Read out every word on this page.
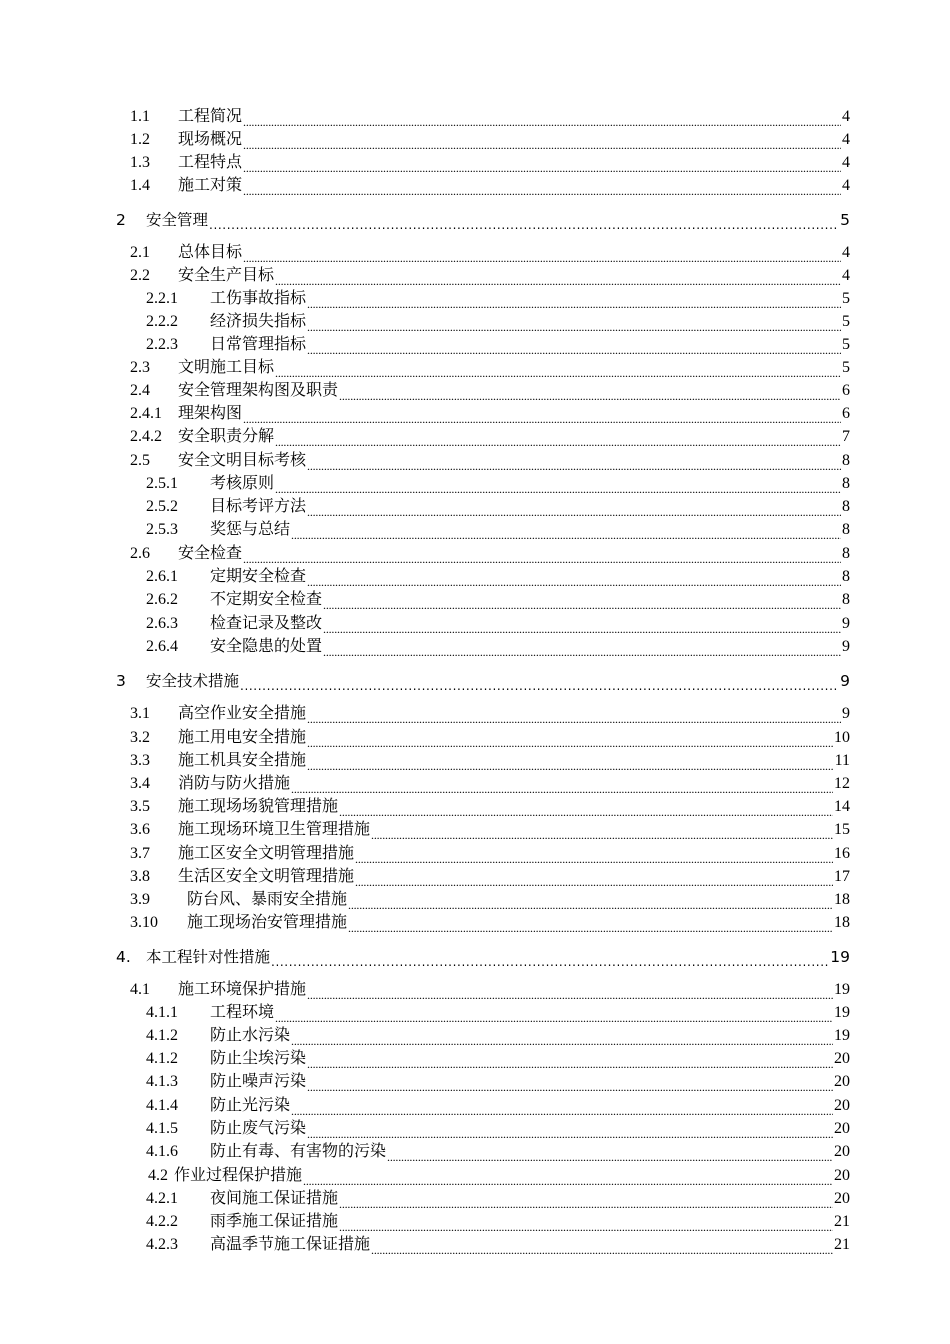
1.1	工程简况 . . .	4
1.2	现场概况 . . .	4
1.3	工程特点 . . .	4
1.4	施工对策 . . .	4
2	安全管理 . . .	5
2.1	总体目标 . . .	4
2.2	安全生产目标 . . .	4
2.2.1	工伤事故指标 . . .	5
2.2.2	经济损失指标 . . .	5
2.2.3	日常管理指标 . . .	5
2.3	文明施工目标 . . .	5
2.4	安全管理架构图及职责 . . .	6
2.4.1	理架构图 . . .	6
2.4.2	安全职责分解 . . .	7
2.5	安全文明目标考核 . . .	8
2.5.1	考核原则 . . .	8
2.5.2	目标考评方法 . . .	8
2.5.3	奖惩与总结 . . .	8
2.6	安全检查 . . .	8
2.6.1	定期安全检查 . . .	8
2.6.2	不定期安全检查 . . .	8
2.6.3	检查记录及整改 . . .	9
2.6.4	安全隐患的处置 . . .	9
3	安全技术措施 . . .	9
3.1	高空作业安全措施 . . .	9
3.2	施工用电安全措施 . . .	10
3.3	施工机具安全措施 . . .	11
3.4	消防与防火措施 . . .	12
3.5	施工现场场貌管理措施 . . .	14
3.6	施工现场环境卫生管理措施 . . .	15
3.7	施工区安全文明管理措施 . . .	16
3.8	生活区安全文明管理措施 . . .	17
3.9	防台风、暴雨安全措施 . . .	18
3.10	施工现场治安管理措施 . . .	18
4. 本工程针对性措施 . . .	19
4.1	施工环境保护措施 . . .	19
4.1.1	工程环境 . . .	19
4.1.2	防止水污染 . . .	19
4.1.2	防止尘埃污染 . . .	20
4.1.3	防止噪声污染 . . .	20
4.1.4	防止光污染 . . .	20
4.1.5	防止废气污染 . . .	20
4.1.6	防止有毒、有害物的污染 . . .	20
4.2 作业过程保护措施 . . .	20
4.2.1	夜间施工保证措施 . . .	20
4.2.2	雨季施工保证措施 . . .	21
4.2.3	高温季节施工保证措施 . . .	21
